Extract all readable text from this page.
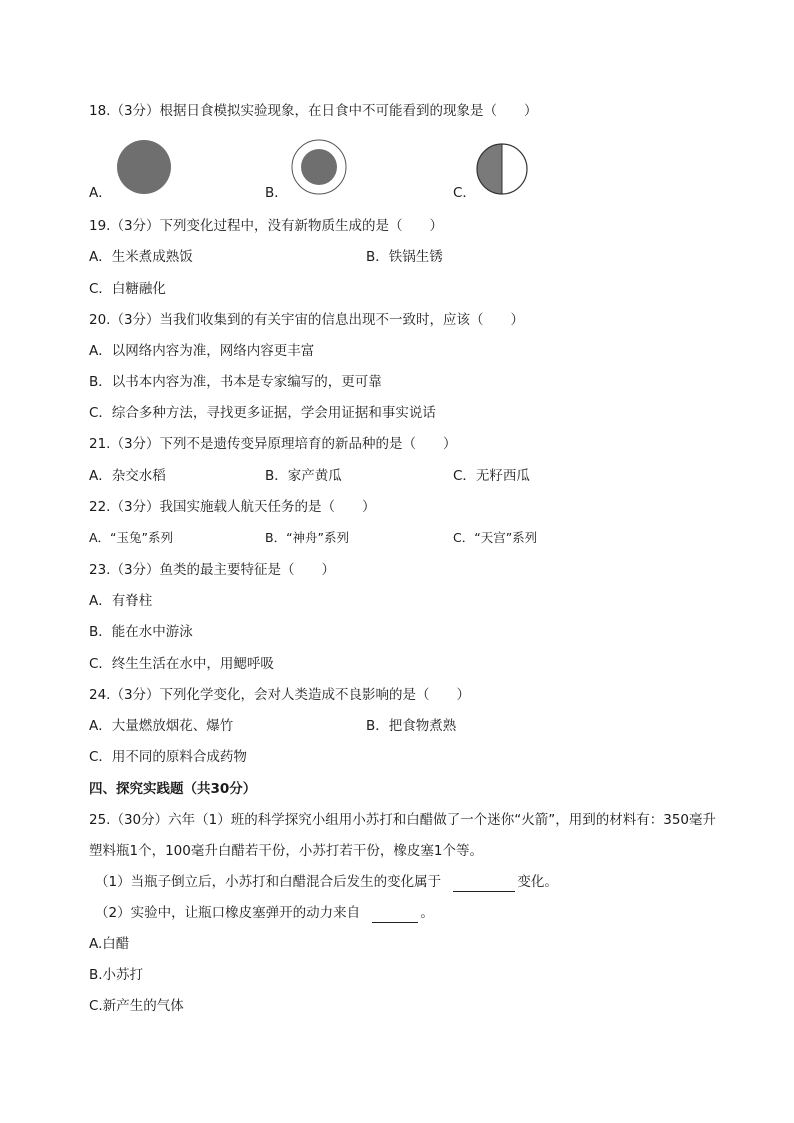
18.（3分）根据日食模拟实验现象，在日食中不可能看到的现象是（　　）
A．	B．	C．
19.（3分）下列变化过程中，没有新物质生成的是（　　）
A．生米煮成熟饭	B．铁锅生锈
C．白糖融化
20.（3分）当我们收集到的有关宇宙的信息出现不一致时，应该（　　）
A．以网络内容为准，网络内容更丰富
B．以书本内容为准，书本是专家编写的，更可靠
C．综合多种方法，寻找更多证据，学会用证据和事实说话
21.（3分）下列不是遗传变异原理培育的新品种的是（　　）
A．杂交水稻	B．家产黄瓜	C．无籽西瓜
22.（3分）我国实施载人航天任务的是（　　）
A．“玉兔”系列	B．“神舟”系列	C．“天宫”系列
23.（3分）鱼类的最主要特征是（　　）
A．有脊柱
B．能在水中游泳
C．终生生活在水中，用鳃呼吸
24.（3分）下列化学变化，会对人类造成不良影响的是（　　）
A．大量燃放烟花、爆竹	B．把食物煮熟
C．用不同的原料合成药物
四、探究实践题（共30分）
25.（30分）六年（1）班的科学探究小组用小苏打和白醋做了一个迷你“火箭”，用到的材料有：350毫升
塑料瓶1个，100毫升白醋若干份，小苏打若干份，橡皮塞1个等。
（1）当瓶子倒立后，小苏打和白醋混合后发生的变化属于	变化。
（2）实验中，让瓶口橡皮塞弹开的动力来自	。
A.白醋
B.小苏打
C.新产生的气体
